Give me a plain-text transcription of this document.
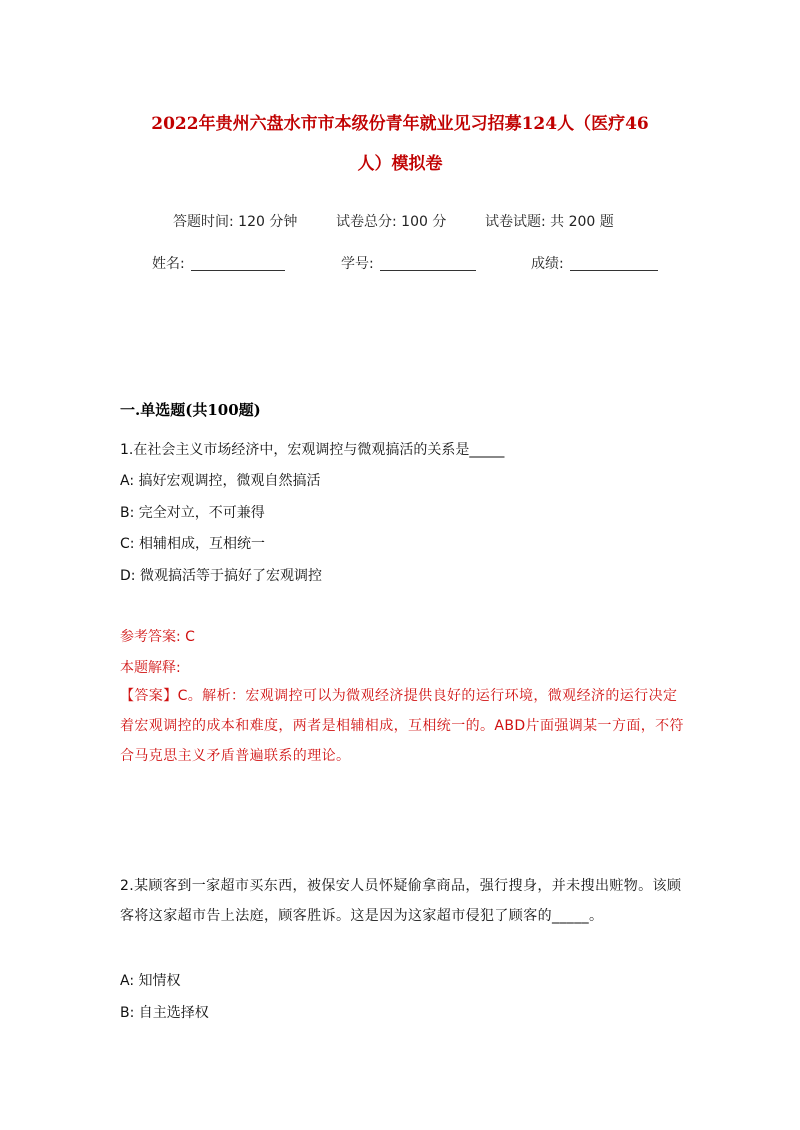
2022年贵州六盘水市市本级份青年就业见习招募124人（医疗46
人）模拟卷
答题时间: 120 分钟	试卷总分: 100 分	试卷试题: 共 200 题
姓名:	学号:	成绩:
一.单选题(共100题)
1.在社会主义市场经济中，宏观调控与微观搞活的关系是_____
A: 搞好宏观调控，微观自然搞活
B: 完全对立，不可兼得
C: 相辅相成，互相统一
D: 微观搞活等于搞好了宏观调控
参考答案: C
本题解释:
【答案】C。解析：宏观调控可以为微观经济提供良好的运行环境，微观经济的运行决定着宏观调控的成本和难度，两者是相辅相成，互相统一的。ABD片面强调某一方面，不符合马克思主义矛盾普遍联系的理论。
2.某顾客到一家超市买东西，被保安人员怀疑偷拿商品，强行搜身，并未搜出赃物。该顾客将这家超市告上法庭，顾客胜诉。这是因为这家超市侵犯了顾客的_____。
A: 知情权
B: 自主选择权
